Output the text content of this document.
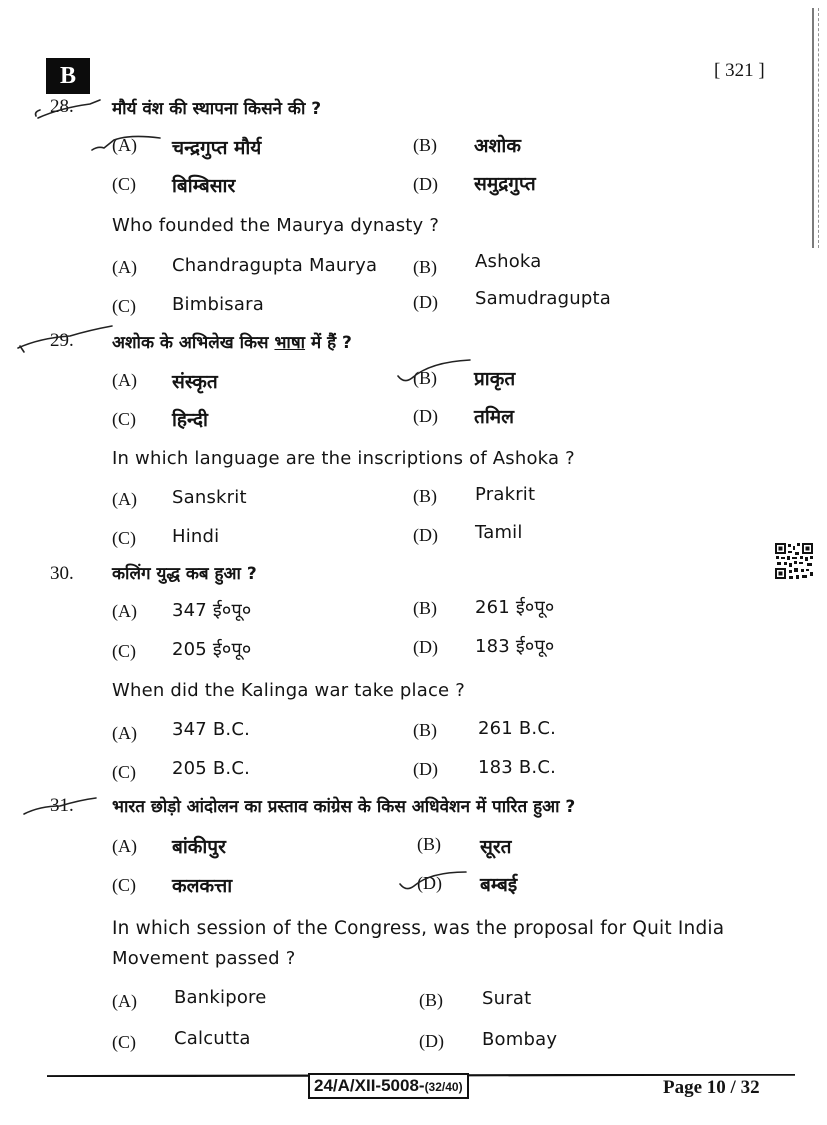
B	[ 321 ]
28. मौर्य वंश की स्थापना किसने की ?
(A) चन्द्रगुप्त मौर्य	(B) अशोक
(C) बिम्बिसार	(D) समुद्रगुप्त
Who founded the Maurya dynasty ?
(A) Chandragupta Maurya (B) Ashoka
(C) Bimbisara	(D) Samudragupta
29. अशोक के अभिलेख किस भाषा में हैं ?
(A) संस्कृत	(B) प्राकृत
(C) हिन्दी	(D) तमिल
In which language are the inscriptions of Ashoka ?
(A) Sanskrit	(B) Prakrit
(C) Hindi	(D) Tamil
30. कलिंग युद्ध कब हुआ ?
(A) 347 ई०पू०	(B) 261 ई०पू०
(C) 205 ई०पू०	(D) 183 ई०पू०
When did the Kalinga war take place ?
(A) 347 B.C.	(B) 261 B.C.
(C) 205 B.C.	(D) 183 B.C.
31. भारत छोड़ो आंदोलन का प्रस्ताव कांग्रेस के किस अधिवेशन में पारित हुआ ?
(A) बांकीपुर	(B) सूरत
(C) कलकत्ता	(D) बम्बई
In which session of the Congress, was the proposal for Quit India
Movement passed ?
(A) Bankipore	(B) Surat
(C) Calcutta	(D) Bombay
24/A/XII-5008-(32/40)	Page 10 / 32
